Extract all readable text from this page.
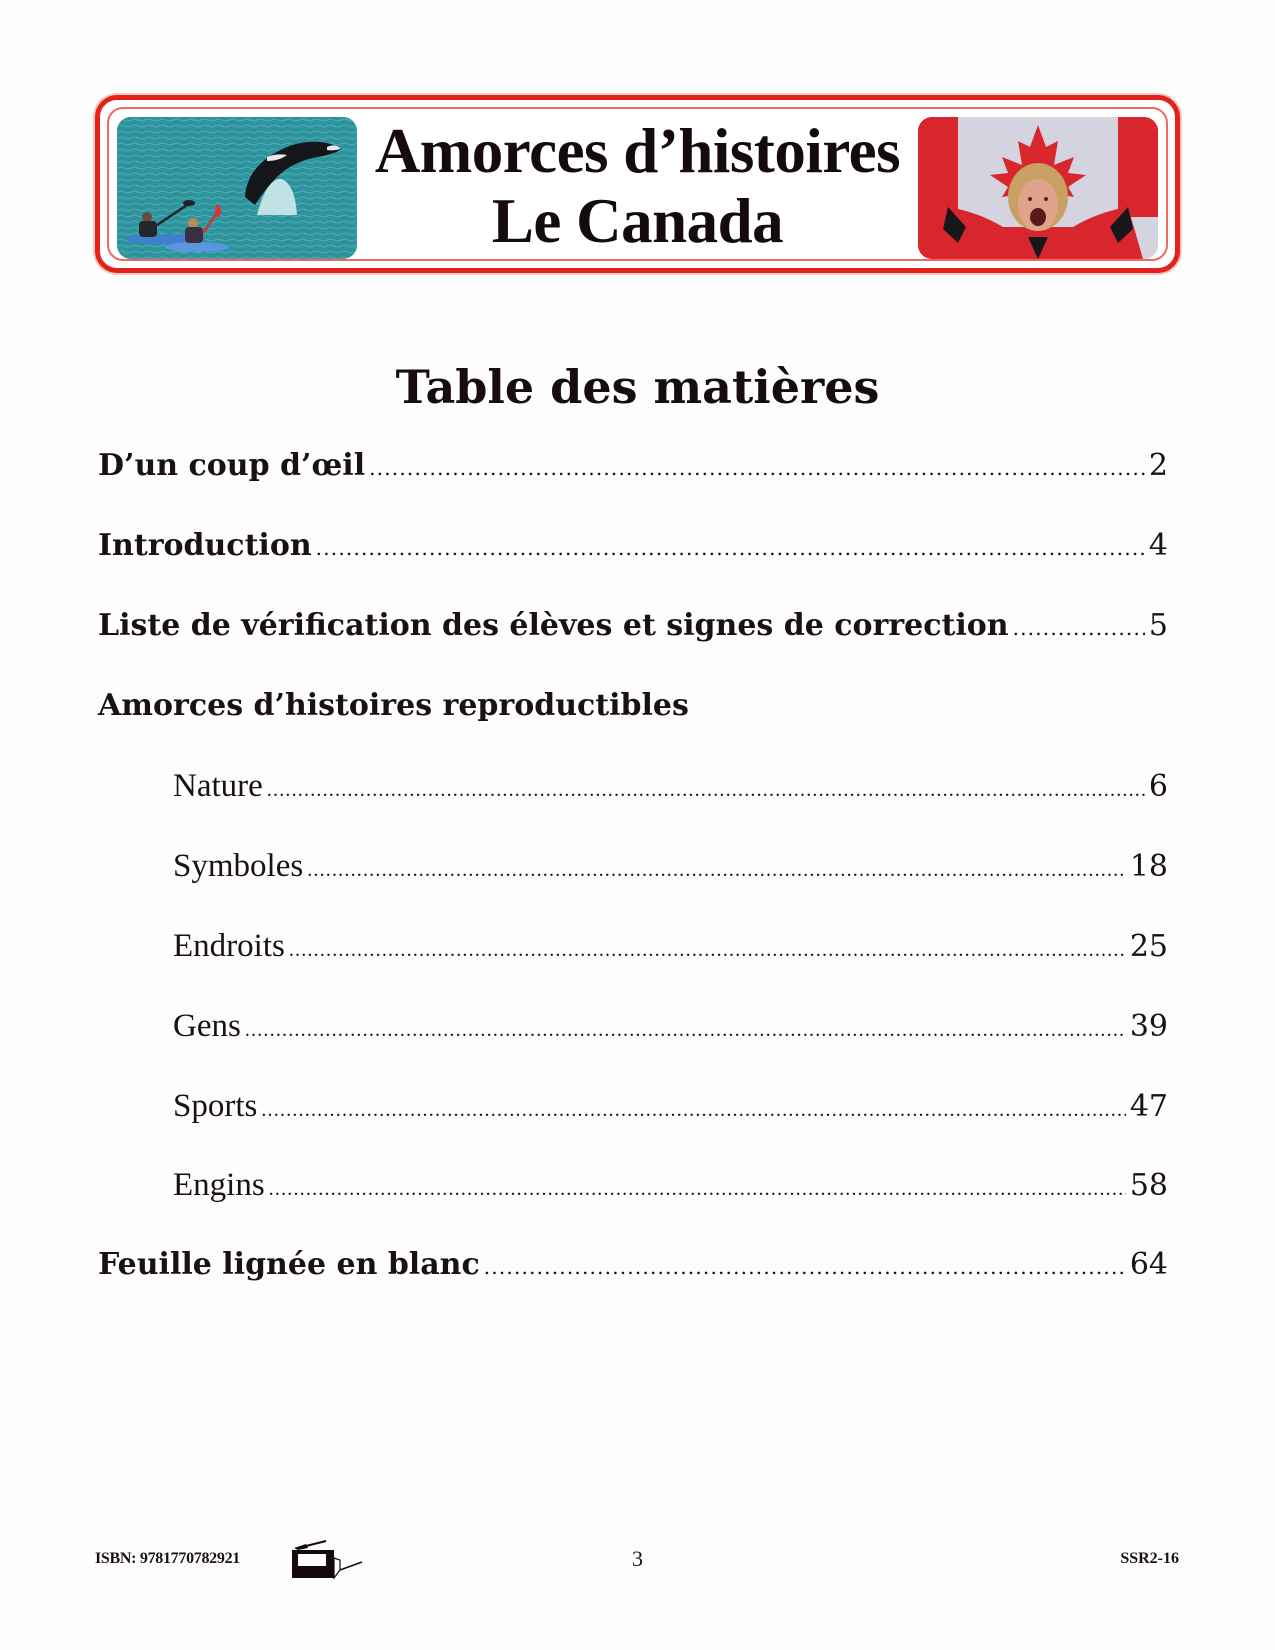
Amorces d’histoires
Le Canada
Table des matières
D’un coup d’œil .....	2
Introduction .....	4
Liste de vérification des élèves et signes de correction .....	5
Amorces d’histoires reproductibles
Nature .....	6
Symboles .....	18
Endroits .....	25
Gens .....	39
Sports .....	47
Engins .....	58
Feuille lignée en blanc .....	64
ISBN: 9781770782921	3	SSR2-16
